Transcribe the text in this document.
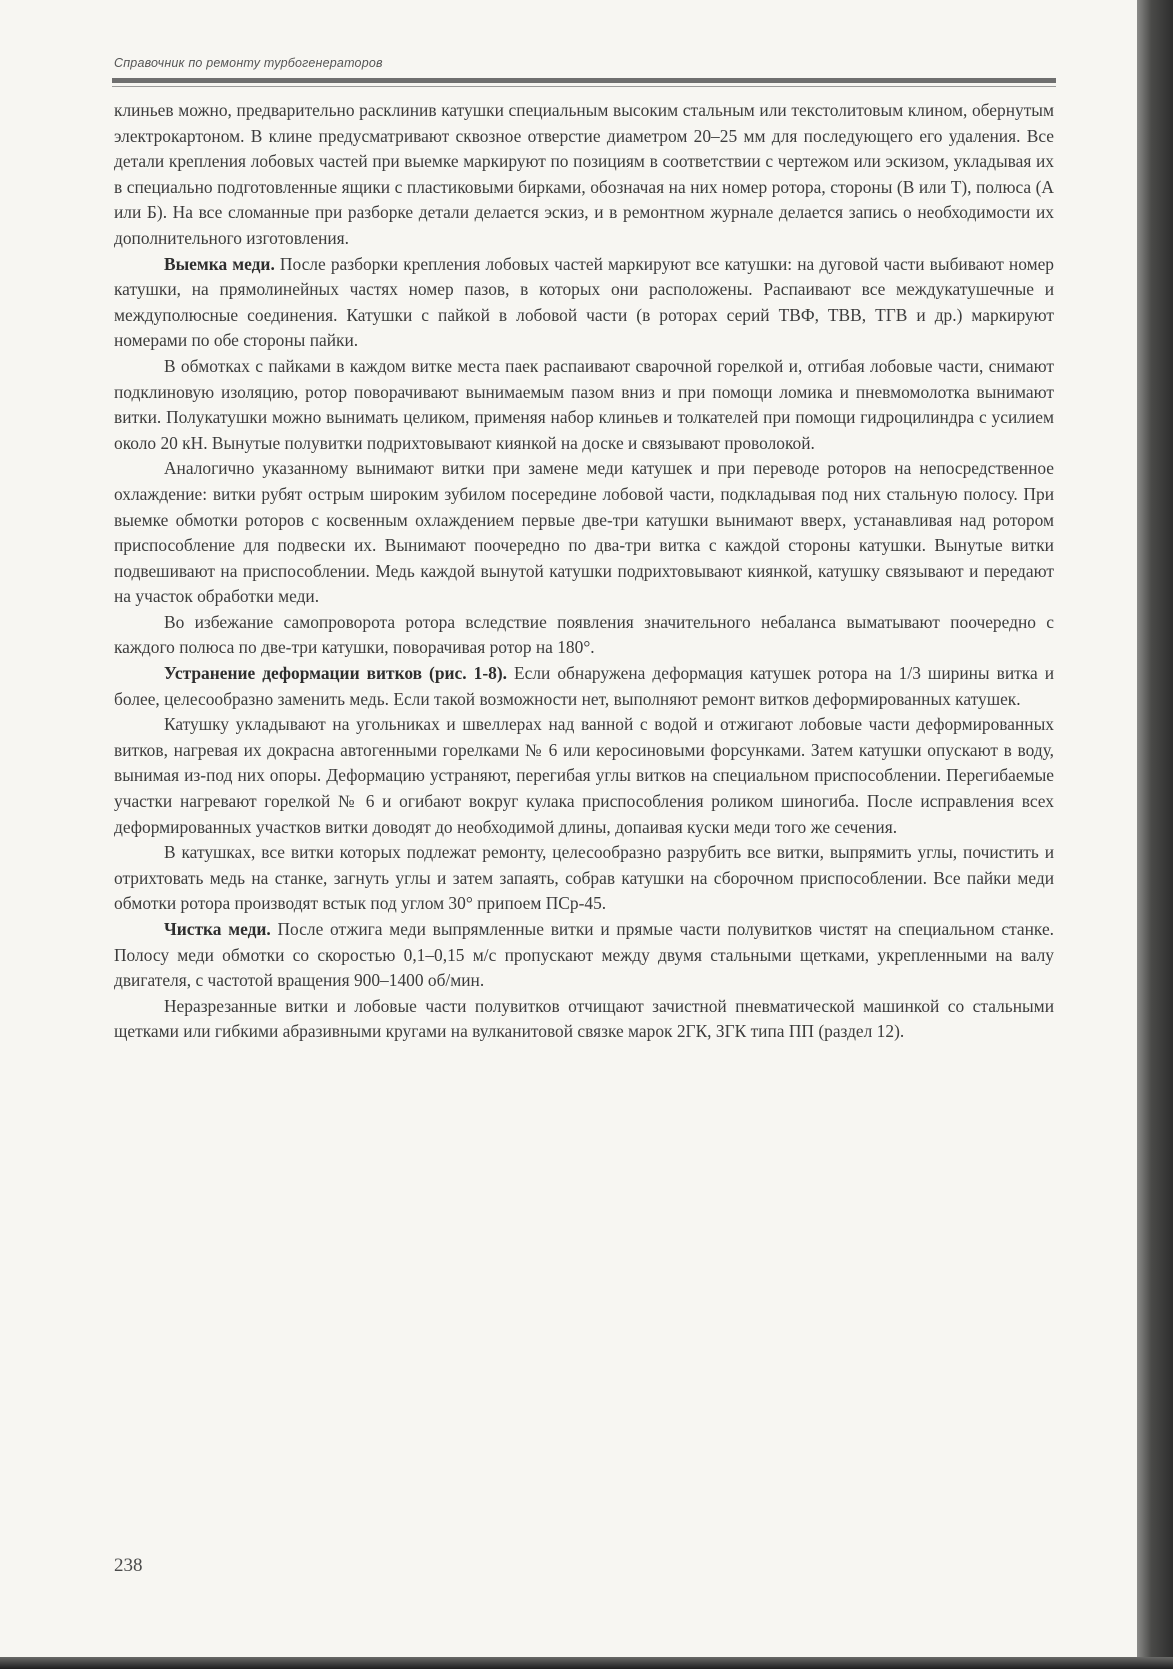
Справочник по ремонту турбогенераторов

клиньев можно, предварительно расклинив катушки специальным высоким стальным или текстолитовым клином, обернутым электрокартоном. В клине предусматривают сквозное отверстие диаметром 20–25 мм для последующего его удаления. Все детали крепления лобовых частей при выемке маркируют по позициям в соответствии с чертежом или эскизом, укладывая их в специально подготовленные ящики с пластиковыми бирками, обозначая на них номер ротора, стороны (В или Т), полюса (А или Б). На все сломанные при разборке детали делается эскиз, и в ремонтном журнале делается запись о необходимости их дополнительного изготовления.

Выемка меди. После разборки крепления лобовых частей маркируют все катушки: на дуговой части выбивают номер катушки, на прямолинейных частях номер пазов, в которых они расположены. Распаивают все междукатушечные и междуполюсные соединения. Катушки с пайкой в лобовой части (в роторах серий ТВФ, ТВВ, ТГВ и др.) маркируют номерами по обе стороны пайки.

В обмотках с пайками в каждом витке места паек распаивают сварочной горелкой и, отгибая лобовые части, снимают подклиновую изоляцию, ротор поворачивают вынимаемым пазом вниз и при помощи ломика и пневмомолотка вынимают витки. Полукатушки можно вынимать целиком, применяя набор клиньев и толкателей при помощи гидроцилиндра с усилием около 20 кН. Вынутые полувитки подрихтовывают киянкой на доске и связывают проволокой.

Аналогично указанному вынимают витки при замене меди катушек и при переводе роторов на непосредственное охлаждение: витки рубят острым широким зубилом посередине лобовой части, подкладывая под них стальную полосу. При выемке обмотки роторов с косвенным охлаждением первые две-три катушки вынимают вверх, устанавливая над ротором приспособление для подвески их. Вынимают поочередно по два-три витка с каждой стороны катушки. Вынутые витки подвешивают на приспособлении. Медь каждой вынутой катушки подрихтовывают киянкой, катушку связывают и передают на участок обработки меди.

Во избежание самопроворота ротора вследствие появления значительного небаланса выматывают поочередно с каждого полюса по две-три катушки, поворачивая ротор на 180°.

Устранение деформации витков (рис. 1-8). Если обнаружена деформация катушек ротора на 1/3 ширины витка и более, целесообразно заменить медь. Если такой возможности нет, выполняют ремонт витков деформированных катушек.

Катушку укладывают на угольниках и швеллерах над ванной с водой и отжигают лобовые части деформированных витков, нагревая их докрасна автогенными горелками № 6 или керосиновыми форсунками. Затем катушки опускают в воду, вынимая из-под них опоры. Деформацию устраняют, перегибая углы витков на специальном приспособлении. Перегибаемые участки нагревают горелкой № 6 и огибают вокруг кулака приспособления роликом шиногиба. После исправления всех деформированных участков витки доводят до необходимой длины, допаивая куски меди того же сечения.

В катушках, все витки которых подлежат ремонту, целесообразно разрубить все витки, выпрямить углы, почистить и отрихтовать медь на станке, загнуть углы и затем запаять, собрав катушки на сборочном приспособлении. Все пайки меди обмотки ротора производят встык под углом 30° припоем ПСр-45.

Чистка меди. После отжига меди выпрямленные витки и прямые части полувитков чистят на специальном станке. Полосу меди обмотки со скоростью 0,1–0,15 м/с пропускают между двумя стальными щетками, укрепленными на валу двигателя, с частотой вращения 900–1400 об/мин.

Неразрезанные витки и лобовые части полувитков отчищают зачистной пневматической машинкой со стальными щетками или гибкими абразивными кругами на вулканитовой связке марок 2ГК, ЗГК типа ПП (раздел 12).

238
